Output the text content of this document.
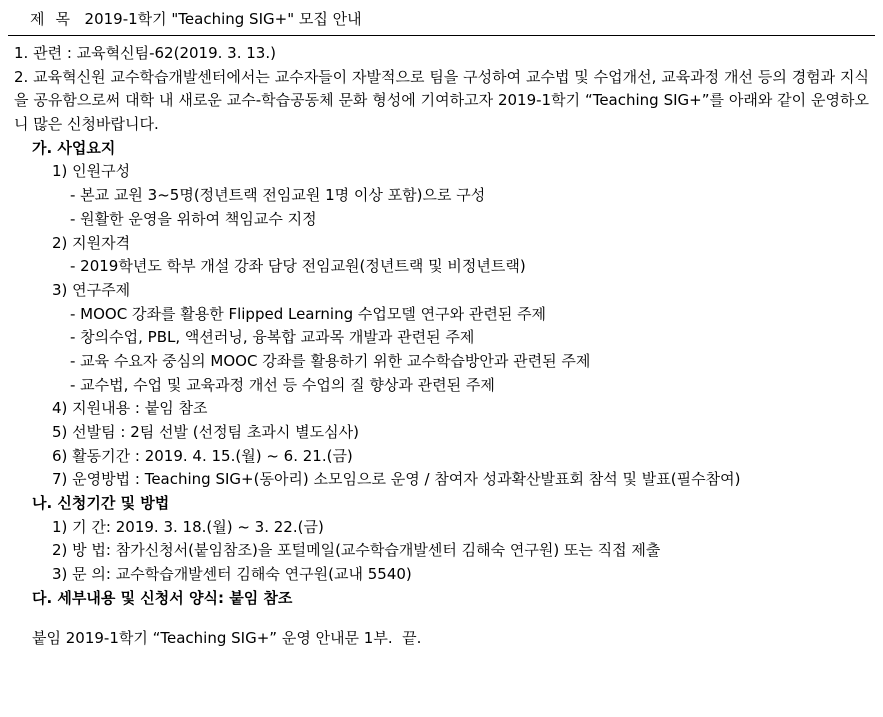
제  목 2019-1학기 "Teaching SIG+" 모집 안내
1. 관련 : 교육혁신팀-62(2019. 3. 13.)

2. 교육혁신원 교수학습개발센터에서는 교수자들이 자발적으로 팀을 구성하여 교수법 및 수업개선, 교육과정 개선 등의 경험과 지식을 공유함으로써 대학 내 새로운 교수-학습공동체 문화 형성에 기여하고자 2019-1학기 “Teaching SIG+”를 아래와 같이 운영하오니 많은 신청바랍니다.

가. 사업요지
1) 인원구성
- 본교 교원 3~5명(정년트랙 전임교원 1명 이상 포함)으로 구성
- 원활한 운영을 위하여 책임교수 지정
2) 지원자격
- 2019학년도 학부 개설 강좌 담당 전임교원(정년트랙 및 비정년트랙)
3) 연구주제
- MOOC 강좌를 활용한 Flipped Learning 수업모델 연구와 관련된 주제
- 창의수업, PBL, 액션러닝, 융복합 교과목 개발과 관련된 주제
- 교육 수요자 중심의 MOOC 강좌를 활용하기 위한 교수학습방안과 관련된 주제
- 교수법, 수업 및 교육과정 개선 등 수업의 질 향상과 관련된 주제
4) 지원내용 : 붙임 참조
5) 선발팀 : 2팀 선발 (선정팀 초과시 별도심사)
6) 활동기간 : 2019. 4. 15.(월) ~ 6. 21.(금)
7) 운영방법 : Teaching SIG+(동아리) 소모임으로 운영 / 참여자 성과확산발표회 참석 및 발표(필수참여)
나. 신청기간 및 방법
1) 기 간: 2019. 3. 18.(월) ~ 3. 22.(금)
2) 방 법: 참가신청서(붙임참조)을 포털메일(교수학습개발센터 김해숙 연구원) 또는 직접 제출
3) 문 의: 교수학습개발센터 김해숙 연구원(교내 5540)
다. 세부내용 및 신청서 양식: 붙임 참조
붙임 2019-1학기 “Teaching SIG+” 운영 안내문 1부.  끝.
